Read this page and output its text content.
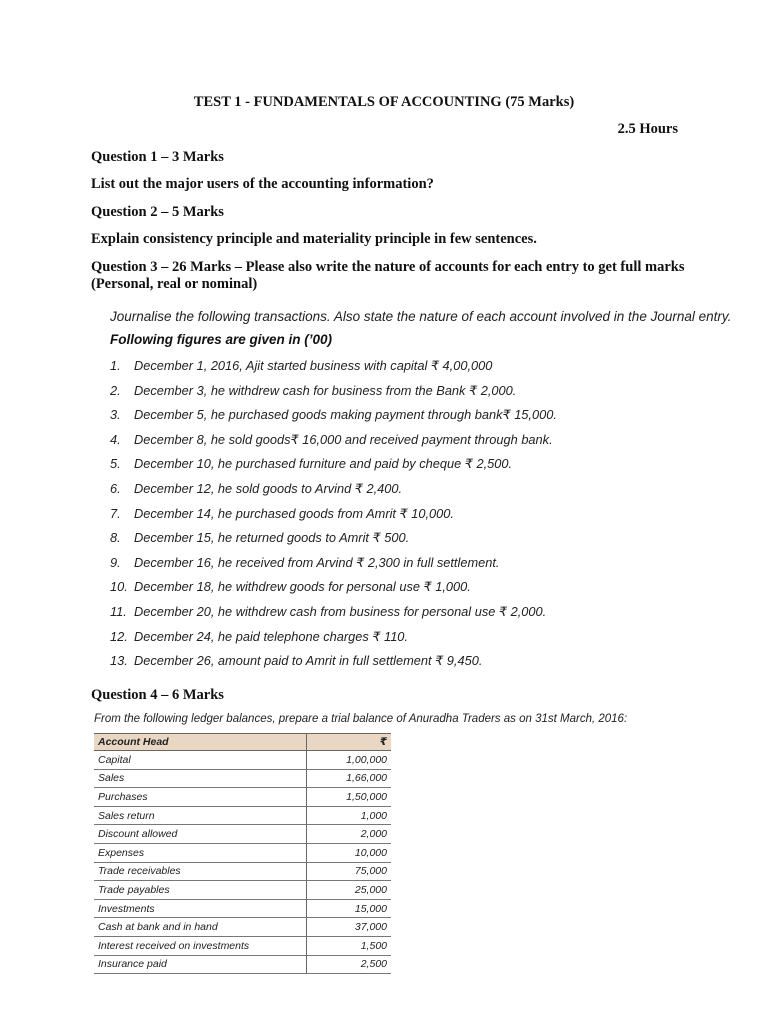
TEST 1 - FUNDAMENTALS OF ACCOUNTING (75 Marks)
2.5 Hours
Question 1 – 3 Marks
List out the major users of the accounting information?
Question 2 – 5 Marks
Explain consistency principle and materiality principle in few sentences.
Question 3 – 26 Marks – Please also write the nature of accounts for each entry to get full marks (Personal, real or nominal)
Journalise the following transactions. Also state the nature of each account involved in the Journal entry.
Following figures are given in (’00)
1. December 1, 2016, Ajit started business with capital ₹ 4,00,000
2. December 3, he withdrew cash for business from the Bank ₹ 2,000.
3. December 5, he purchased goods making payment through bank₹ 15,000.
4. December 8, he sold goods₹ 16,000 and received payment through bank.
5. December 10, he purchased furniture and paid by cheque ₹ 2,500.
6. December 12, he sold goods to Arvind ₹ 2,400.
7. December 14, he purchased goods from Amrit ₹ 10,000.
8. December 15, he returned goods to Amrit ₹ 500.
9. December 16, he received from Arvind ₹ 2,300 in full settlement.
10. December 18, he withdrew goods for personal use ₹ 1,000.
11. December 20, he withdrew cash from business for personal use ₹ 2,000.
12. December 24, he paid telephone charges ₹ 110.
13. December 26, amount paid to Amrit in full settlement ₹ 9,450.
Question 4 – 6 Marks
From the following ledger balances, prepare a trial balance of Anuradha Traders as on 31st March, 2016:
Account Head	₹
Capital	1,00,000
Sales	1,66,000
Purchases	1,50,000
Sales return	1,000
Discount allowed	2,000
Expenses	10,000
Trade receivables	75,000
Trade payables	25,000
Investments	15,000
Cash at bank and in hand	37,000
Interest received on investments	1,500
Insurance paid	2,500
